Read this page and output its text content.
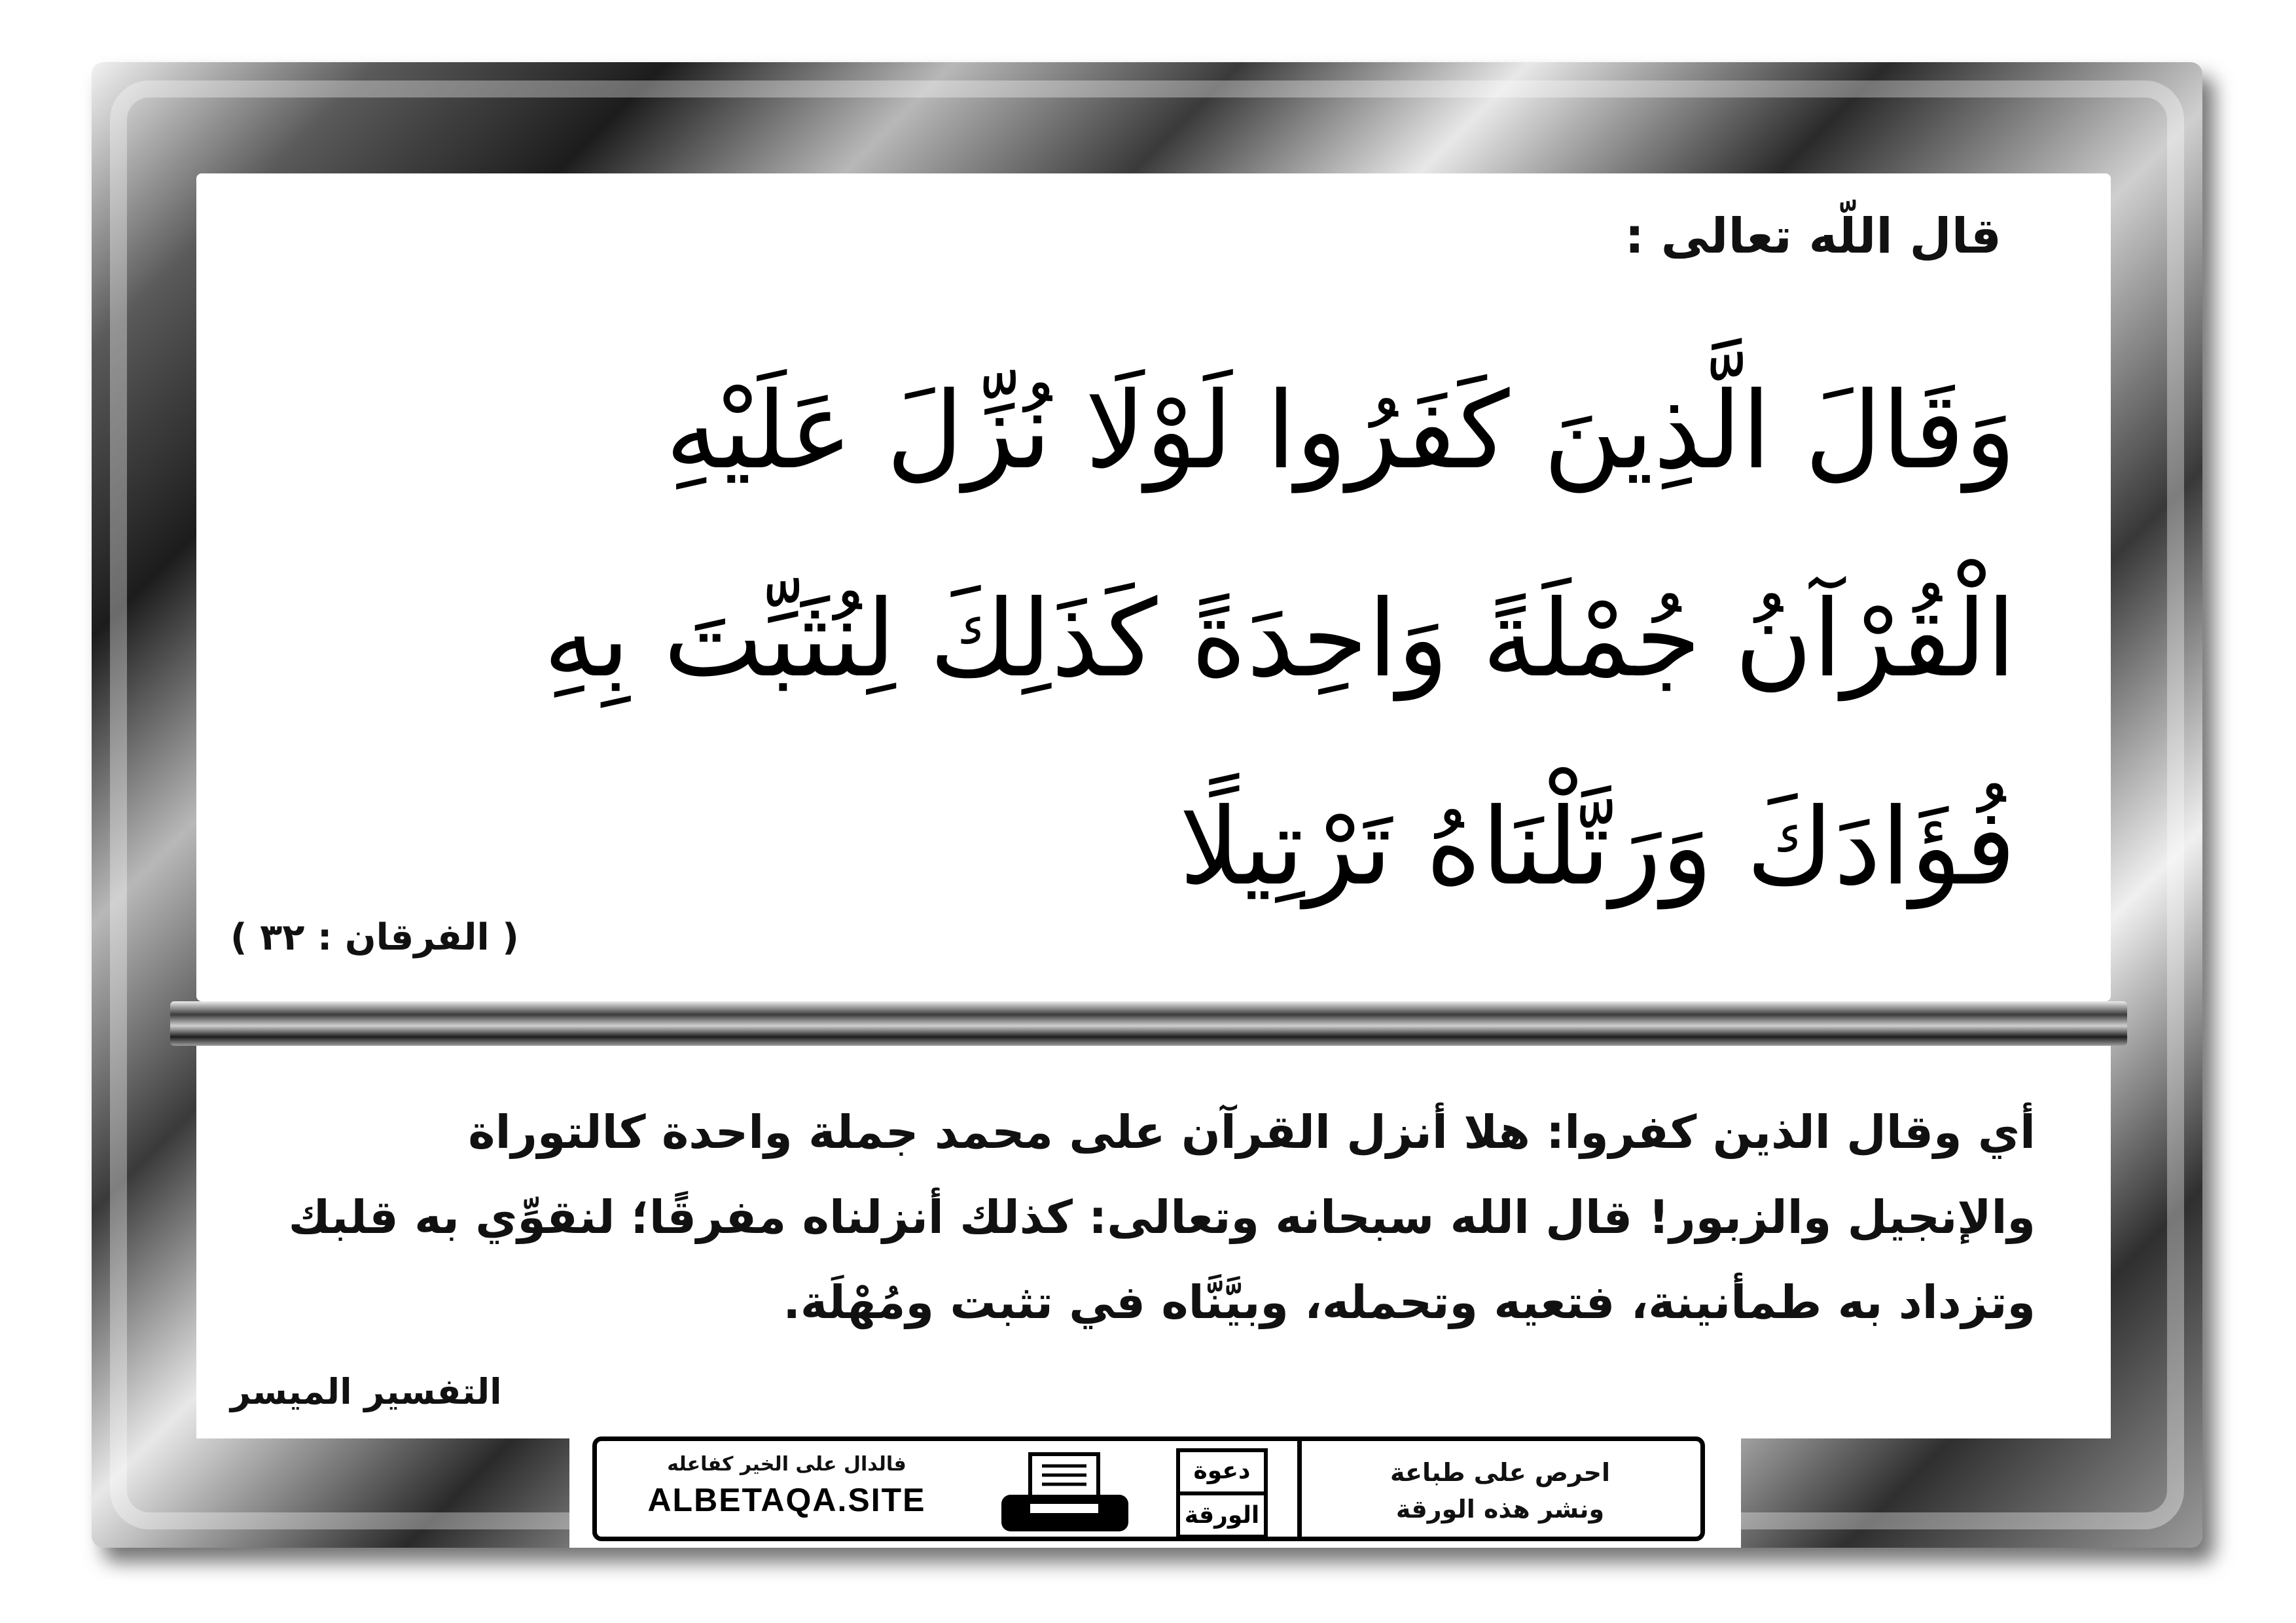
قال اللّه تعالى :
وَقَالَ الَّذِينَ كَفَرُوا لَوْلَا نُزِّلَ عَلَيْهِ
الْقُرْآنُ جُمْلَةً وَاحِدَةً كَذَلِكَ لِنُثَبِّتَ بِهِ
فُؤَادَكَ وَرَتَّلْنَاهُ تَرْتِيلًا
( الفرقان : ٣٢ )
أي وقال الذين كفروا: هلا أنزل القرآن على محمد جملة واحدة كالتوراة
والإنجيل والزبور! قال الله سبحانه وتعالى: كذلك أنزلناه مفرقًا؛ لنقوِّي به قلبك
وتزداد به طمأنينة، فتعيه وتحمله، وبيَّنَّاه في تثبت ومُهْلَة.
التفسير الميسر
فالدال على الخير كفاعله
ALBETAQA.SITE
دعوة
الورقة
احرص على طباعة
ونشر هذه الورقة
